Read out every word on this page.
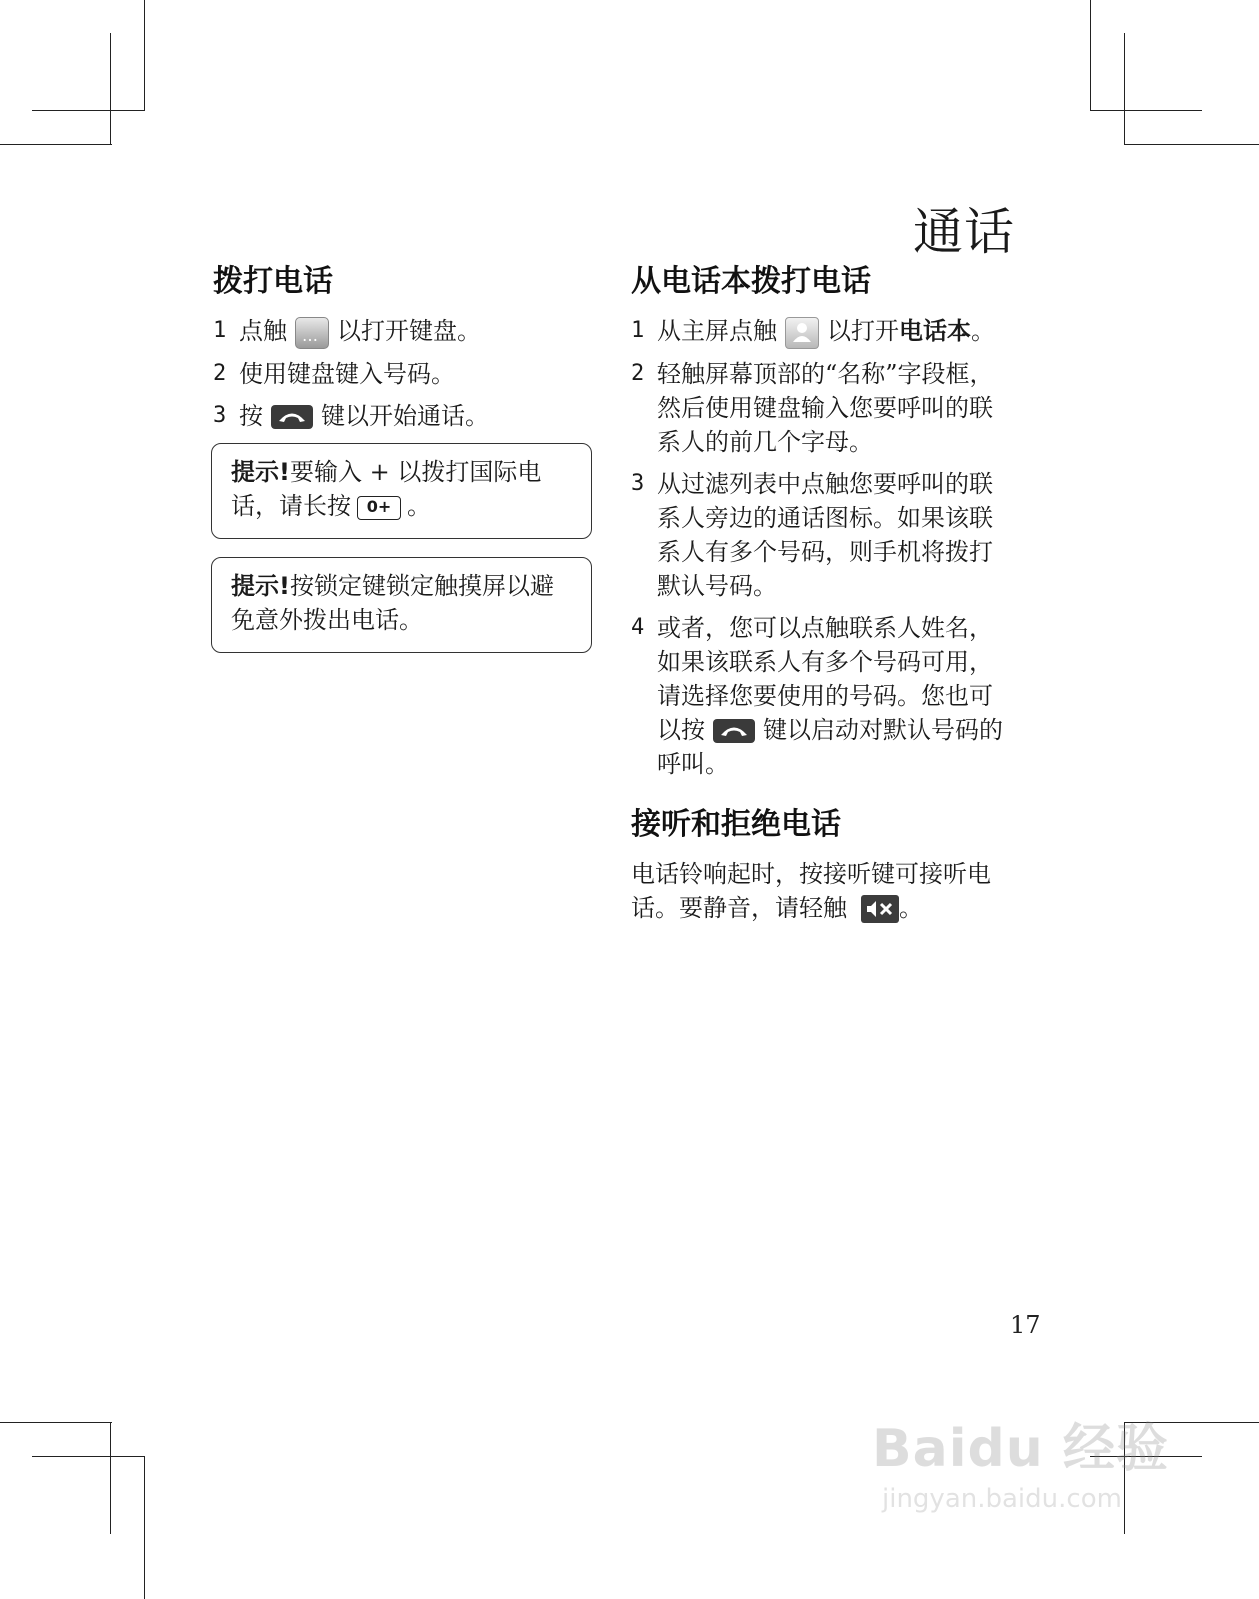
通话
拨打电话
1 点触… 以打开键盘。
2 使用键盘键入号码。
3 按 键以开始通话。
提示!要输入 + 以拨打国际电
话，请长按 0+ 。
提示!按锁定键锁定触摸屏以避免意外拨出电话。
从电话本拨打电话
1 从主屏点触 以打开电话本。
2 轻触屏幕顶部的“名称”字段框，然后使用键盘输入您要呼叫的联系人的前几个字母。
3 从过滤列表中点触您要呼叫的联系人旁边的通话图标。如果该联系人有多个号码，则手机将拨打默认号码。
4 或者，您可以点触联系人姓名，如果该联系人有多个号码可用，请选择您要使用的号码。您也可以按 键以启动对默认号码的呼叫。
接听和拒绝电话
电话铃响起时，按接听键可接听电话。要静音，请轻触 。
17
Baidu 经验
jingyan.baidu.com
